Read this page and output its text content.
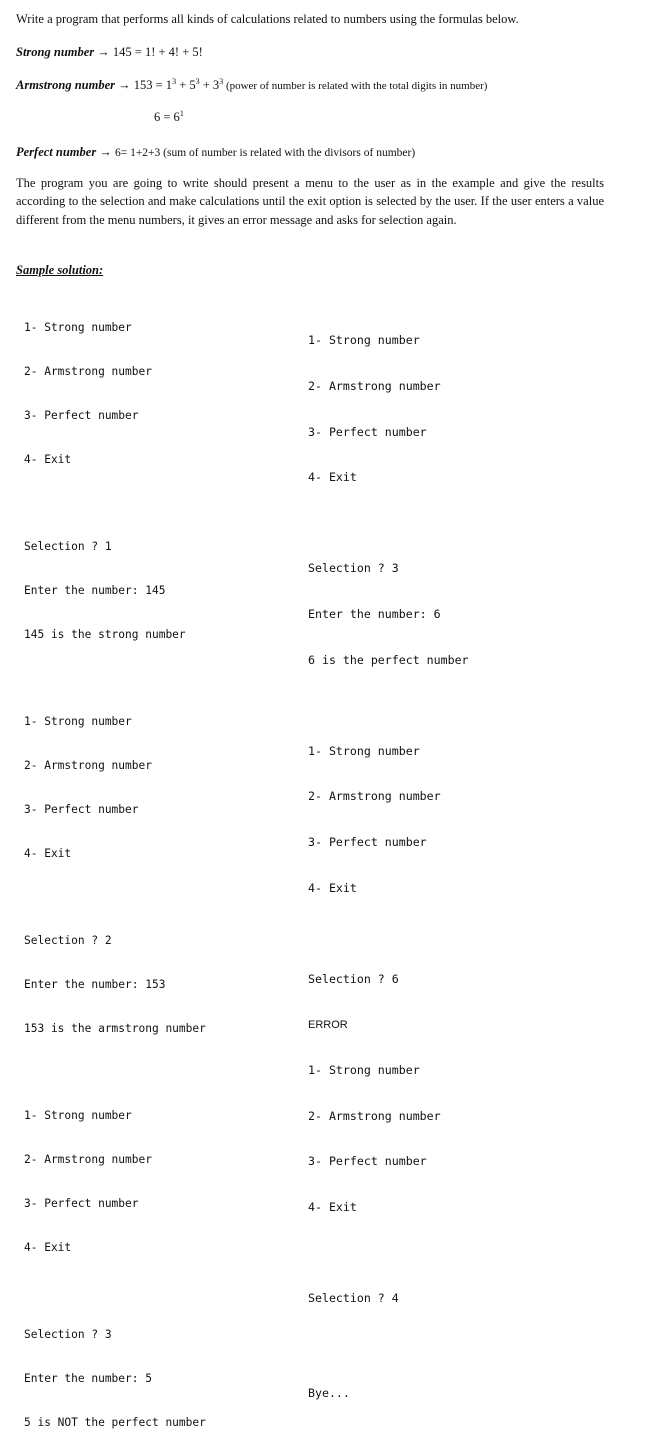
Write a program that performs all kinds of calculations related to numbers using the formulas below.
Strong number → 145 = 1! + 4! + 5!
Armstrong number → $153 = 1^3 + 5^3 + 3^3$ (power of number is related with the total digits in number)
$6 = 6^1$
Perfect number → 6= 1+2+3 (sum of number is related with the divisors of number)
The program you are going to write should present a menu to the user as in the example and give the results according to the selection and make calculations until the exit option is selected by the user. If the user enters a value different from the menu numbers, it gives an error message and asks for selection again.
Sample solution:

1- Strong number

2- Armstrong number

3- Perfect number

4- Exit

Selection ? 1

Enter the number: 145

145 is the strong number

1- Strong number

2- Armstrong number

3- Perfect number

4- Exit

Selection ? 2

Enter the number: 153

153 is the armstrong number

1- Strong number

2- Armstrong number

3- Perfect number

4- Exit

Selection ? 3

Enter the number: 5

5 is NOT the perfect number

1- Strong number

2- Armstrong number

3- Perfect number

4- Exit

Selection ? 3

Enter the number: 6

6 is the perfect number

1- Strong number

2- Armstrong number

3- Perfect number

4- Exit

Selection ? 6

ERROR

1- Strong number

2- Armstrong number

3- Perfect number

4- Exit

Selection ? 4

Bye...
